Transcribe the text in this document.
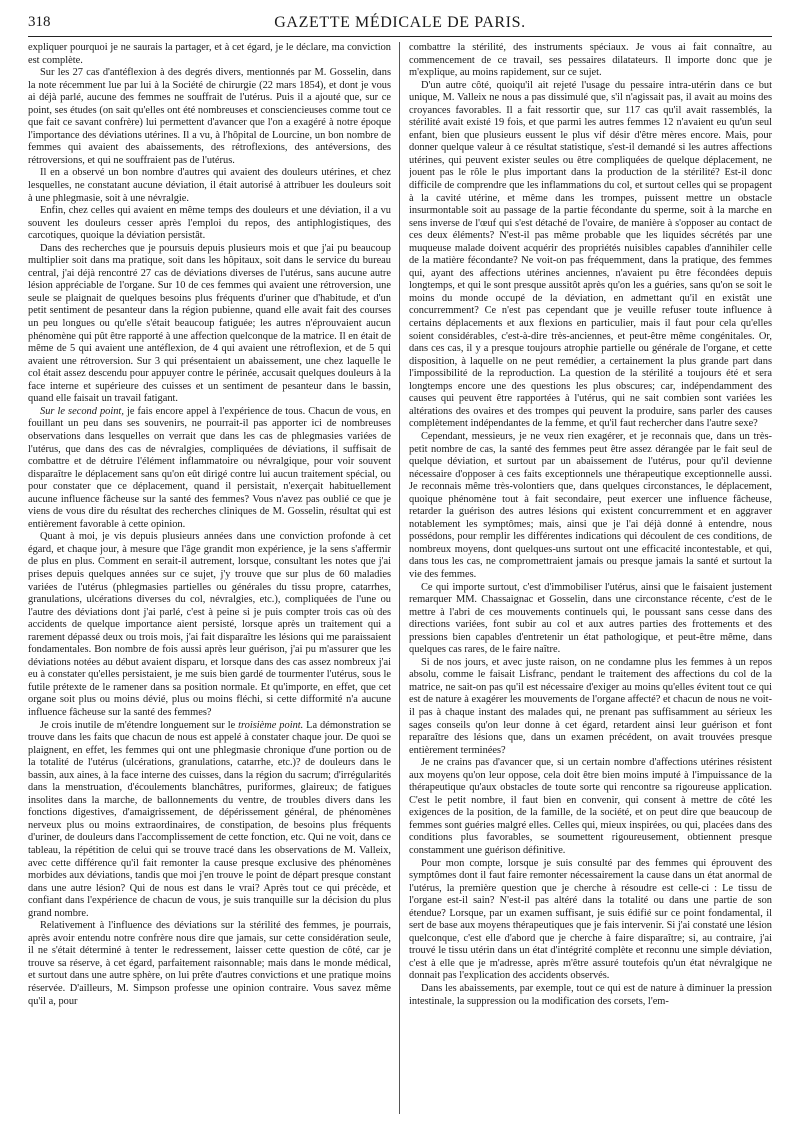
318	GAZETTE MÉDICALE DE PARIS.

expliquer pourquoi je ne saurais la partager, et à cet égard, je le déclare, ma conviction est complète.

Sur les 27 cas d'antéflexion à des degrés divers, mentionnés par M. Gosselin, dans la note récemment lue par lui à la Société de chirurgie (22 mars 1854), et dont je vous ai déjà parlé, aucune des femmes ne souffrait de l'utérus. Puis il a ajouté que, sur ce point, ses études (on sait qu'elles ont été nombreuses et consciencieuses comme tout ce que fait ce savant confrère) lui permettent d'avancer que l'on a exagéré à notre époque l'importance des déviations utérines. Il a vu, à l'hôpital de Lourcine, un bon nombre de femmes qui avaient des abaissements, des rétroflexions, des antéversions, des rétroversions, et qui ne souffraient pas de l'utérus.

Il en a observé un bon nombre d'autres qui avaient des douleurs utérines, et chez lesquelles, ne constatant aucune déviation, il était autorisé à attribuer les douleurs soit à une phlegmasie, soit à une névralgie.

Enfin, chez celles qui avaient en même temps des douleurs et une déviation, il a vu souvent les douleurs cesser après l'emploi du repos, des antiphlogistiques, des carcotiques, quoique la déviation persistât.

Dans des recherches que je poursuis depuis plusieurs mois et que j'ai pu beaucoup multiplier soit dans ma pratique, soit dans les hôpitaux, soit dans le service du bureau central, j'ai déjà rencontré 27 cas de déviations diverses de l'utérus, sans aucune autre lésion appréciable de l'organe. Sur 10 de ces femmes qui avaient une rétroversion, une seule se plaignait de quelques besoins plus fréquents d'uriner que d'habitude, et d'un petit sentiment de pesanteur dans la région pubienne, quand elle avait fait des courses un peu longues ou qu'elle s'était beaucoup fatiguée; les autres n'éprouvaient aucun phénomène qui pût être rapporté à une affection quelconque de la matrice. Il en était de même de 5 qui avaient une antéflexion, de 4 qui avaient une rétroflexion, et de 5 qui avaient une rétroversion. Sur 3 qui présentaient un abaissement, une chez laquelle le col était assez descendu pour appuyer contre le périnée, accusait quelques douleurs à la face interne et supérieure des cuisses et un sentiment de pesanteur dans le bassin, quand elle faisait un travail fatigant.

Sur le second point, je fais encore appel à l'expérience de tous. Chacun de vous, en fouillant un peu dans ses souvenirs, ne pourrait-il pas apporter ici de nombreuses observations dans lesquelles on verrait que dans les cas de phlegmasies variées de l'utérus, que dans des cas de névralgies, compliquées de déviations, il suffisait de combattre et de détruire l'élément inflammatoire ou névralgique, pour voir souvent disparaître le déplacement sans qu'on eût dirigé contre lui aucun traitement spécial, ou pour constater que ce déplacement, quand il persistait, n'exerçait habituellement aucune influence fâcheuse sur la santé des femmes? Vous n'avez pas oublié ce que je viens de vous dire du résultat des recherches cliniques de M. Gosselin, résultat qui est entièrement favorable à cette opinion.

Quant à moi, je vis depuis plusieurs années dans une conviction profonde à cet égard, et chaque jour, à mesure que l'âge grandit mon expérience, je la sens s'affermir de plus en plus. Comment en serait-il autrement, lorsque, consultant les notes que j'ai prises depuis quelques années sur ce sujet, j'y trouve que sur plus de 60 maladies variées de l'utérus (phlegmasies partielles ou générales du tissu propre, catarrhes, granulations, ulcérations diverses du col, névralgies, etc.), compliquées de l'une ou l'autre des déviations dont j'ai parlé, c'est à peine si je puis compter trois cas où des accidents de quelque importance aient persisté, lorsque après un traitement qui a rarement dépassé deux ou trois mois, j'ai fait disparaître les lésions qui me paraissaient fondamentales. Bon nombre de fois aussi après leur guérison, j'ai pu m'assurer que les déviations notées au début avaient disparu, et lorsque dans des cas assez nombreux j'ai eu à constater qu'elles persistaient, je me suis bien gardé de tourmenter l'utérus, sous le futile prétexte de le ramener dans sa position normale. Et qu'importe, en effet, que cet organe soit plus ou moins dévié, plus ou moins fléchi, si cette difformité n'a aucune influence fâcheuse sur la santé des femmes?

Je crois inutile de m'étendre longuement sur le troisième point. La démonstration se trouve dans les faits que chacun de nous est appelé à constater chaque jour. De quoi se plaignent, en effet, les femmes qui ont une phlegmasie chronique d'une portion ou de la totalité de l'utérus (ulcérations, granulations, catarrhe, etc.)? de douleurs dans le bassin, aux aines, à la face interne des cuisses, dans la région du sacrum; d'irrégularités dans la menstruation, d'écoulements blanchâtres, puriformes, glaireux; de fatigues insolites dans la marche, de ballonnements du ventre, de troubles divers dans les fonctions digestives, d'amaigrissement, de dépérissement général, de phénomènes nerveux plus ou moins extraordinaires, de constipation, de besoins plus fréquents d'uriner, de douleurs dans l'accomplissement de cette fonction, etc. Qui ne voit, dans ce tableau, la répétition de celui qui se trouve tracé dans les observations de M. Valleix, avec cette différence qu'il fait remonter la cause presque exclusive des phénomènes morbides aux déviations, tandis que moi j'en trouve le point de départ presque constant dans une autre lésion? Qui de nous est dans le vrai? Après tout ce qui précède, et confiant dans l'expérience de chacun de vous, je suis tranquille sur la décision du plus grand nombre.

Relativement à l'influence des déviations sur la stérilité des femmes, je pourrais, après avoir entendu notre confrère nous dire que jamais, sur cette considération seule, il ne s'était déterminé à tenter le redressement, laisser cette question de côté, car je trouve sa réserve, à cet égard, parfaitement raisonnable; mais dans le monde médical, et surtout dans une autre sphère, on lui prête d'autres convictions et une pratique moins réservée. D'ailleurs, M. Simpson professe une opinion contraire. Vous savez même qu'il a, pour

combattre la stérilité, des instruments spéciaux. Je vous ai fait connaître, au commencement de ce travail, ses pessaires dilatateurs. Il importe donc que je m'explique, au moins rapidement, sur ce sujet.

D'un autre côté, quoiqu'il ait rejeté l'usage du pessaire intra-utérin dans ce but unique, M. Valleix ne nous a pas dissimulé que, s'il n'agissait pas, il avait au moins des croyances favorables. Il a fait ressortir que, sur 117 cas qu'il avait rassemblés, la stérilité avait existé 19 fois, et que parmi les autres femmes 12 n'avaient eu qu'un seul enfant, bien que plusieurs eussent le plus vif désir d'être mères encore. Mais, pour donner quelque valeur à ce résultat statistique, s'est-il demandé si les autres affections utérines, qui peuvent exister seules ou être compliquées de quelque déplacement, ne jouent pas le rôle le plus important dans la production de la stérilité? Est-il donc difficile de comprendre que les inflammations du col, et surtout celles qui se propagent à la cavité utérine, et même dans les trompes, puissent mettre un obstacle insurmontable soit au passage de la partie fécondante du sperme, soit à la marche en sens inverse de l'œuf qui s'est détaché de l'ovaire, de manière à s'opposer au contact de ces deux éléments? N'est-il pas même probable que les liquides sécrétés par une muqueuse malade doivent acquérir des propriétés nuisibles capables d'annihiler celle de la matière fécondante? Ne voit-on pas fréquemment, dans la pratique, des femmes qui, ayant des affections utérines anciennes, n'avaient pu être fécondées depuis longtemps, et qui le sont presque aussitôt après qu'on les a guéries, sans qu'on se soit le moins du monde occupé de la déviation, en admettant qu'il en existât une concurremment? Ce n'est pas cependant que je veuille refuser toute influence à certains déplacements et aux flexions en particulier, mais il faut pour cela qu'elles soient considérables, c'est-à-dire très-anciennes, et peut-être même congénitales. Or, dans ces cas, il y a presque toujours atrophie partielle ou générale de l'organe, et cette disposition, à laquelle on ne peut remédier, a certainement la plus grande part dans l'impossibilité de la reproduction. La question de la stérilité a toujours été et sera longtemps encore une des questions les plus obscures; car, indépendamment des causes qui peuvent être rapportées à l'utérus, qui ne sait combien sont variées les altérations des ovaires et des trompes qui peuvent la produire, sans parler des causes complètement indépendantes de la femme, et qu'il faut rechercher dans l'autre sexe?

Cependant, messieurs, je ne veux rien exagérer, et je reconnais que, dans un très-petit nombre de cas, la santé des femmes peut être assez dérangée par le fait seul de quelque déviation, et surtout par un abaissement de l'utérus, pour qu'il devienne nécessaire d'opposer à ces faits exceptionnels une thérapeutique exceptionnelle aussi. Je reconnais même très-volontiers que, dans quelques circonstances, le déplacement, quoique phénomène tout à fait secondaire, peut exercer une influence fâcheuse, retarder la guérison des autres lésions qui existent concurremment et en aggraver notablement les symptômes; mais, ainsi que je l'ai déjà donné à entendre, nous possédons, pour remplir les différentes indications qui découlent de ces conditions, de nombreux moyens, dont quelques-uns surtout ont une efficacité incontestable, et qui, dans tous les cas, ne compromettraient jamais ou presque jamais la santé et surtout la vie des femmes.

Ce qui importe surtout, c'est d'immobiliser l'utérus, ainsi que le faisaient justement remarquer MM. Chassaignac et Gosselin, dans une circonstance récente, c'est de le mettre à l'abri de ces mouvements continuels qui, le poussant sans cesse dans des directions variées, font subir au col et aux autres parties des frottements et des pressions bien capables d'entretenir un état pathologique, et peut-être même, dans quelques cas rares, de le faire naître.

Si de nos jours, et avec juste raison, on ne condamne plus les femmes à un repos absolu, comme le faisait Lisfranc, pendant le traitement des affections du col de la matrice, ne sait-on pas qu'il est nécessaire d'exiger au moins qu'elles évitent tout ce qui est de nature à exagérer les mouvements de l'organe affecté? et chacun de nous ne voit-il pas à chaque instant des malades qui, ne prenant pas suffisamment au sérieux les sages conseils qu'on leur donne à cet égard, retardent ainsi leur guérison et font reparaître des lésions que, dans un examen précédent, on avait trouvées presque entièrement terminées?

Je ne crains pas d'avancer que, si un certain nombre d'affections utérines résistent aux moyens qu'on leur oppose, cela doit être bien moins imputé à l'impuissance de la thérapeutique qu'aux obstacles de toute sorte qui rencontre sa rigoureuse application. C'est le petit nombre, il faut bien en convenir, qui consent à mettre de côté les exigences de la position, de la famille, de la société, et on peut dire que beaucoup de femmes sont guéries malgré elles. Celles qui, mieux inspirées, ou qui, placées dans des conditions plus favorables, se soumettent rigoureusement, obtiennent presque constamment une guérison définitive.

Pour mon compte, lorsque je suis consulté par des femmes qui éprouvent des symptômes dont il faut faire remonter nécessairement la cause dans un état anormal de l'utérus, la première question que je cherche à résoudre est celle-ci : Le tissu de l'organe est-il sain? N'est-il pas altéré dans la totalité ou dans une partie de son étendue? Lorsque, par un examen suffisant, je suis édifié sur ce point fondamental, il sert de base aux moyens thérapeutiques que je fais intervenir. Si j'ai constaté une lésion quelconque, c'est elle d'abord que je cherche à faire disparaître; si, au contraire, j'ai trouvé le tissu utérin dans un état d'intégrité complète et reconnu une simple déviation, c'est à elle que je m'adresse, après m'être assuré toutefois qu'un état névralgique ne donnait pas l'explication des accidents observés.

Dans les abaissements, par exemple, tout ce qui est de nature à diminuer la pression intestinale, la suppression ou la modification des corsets, l'em-
